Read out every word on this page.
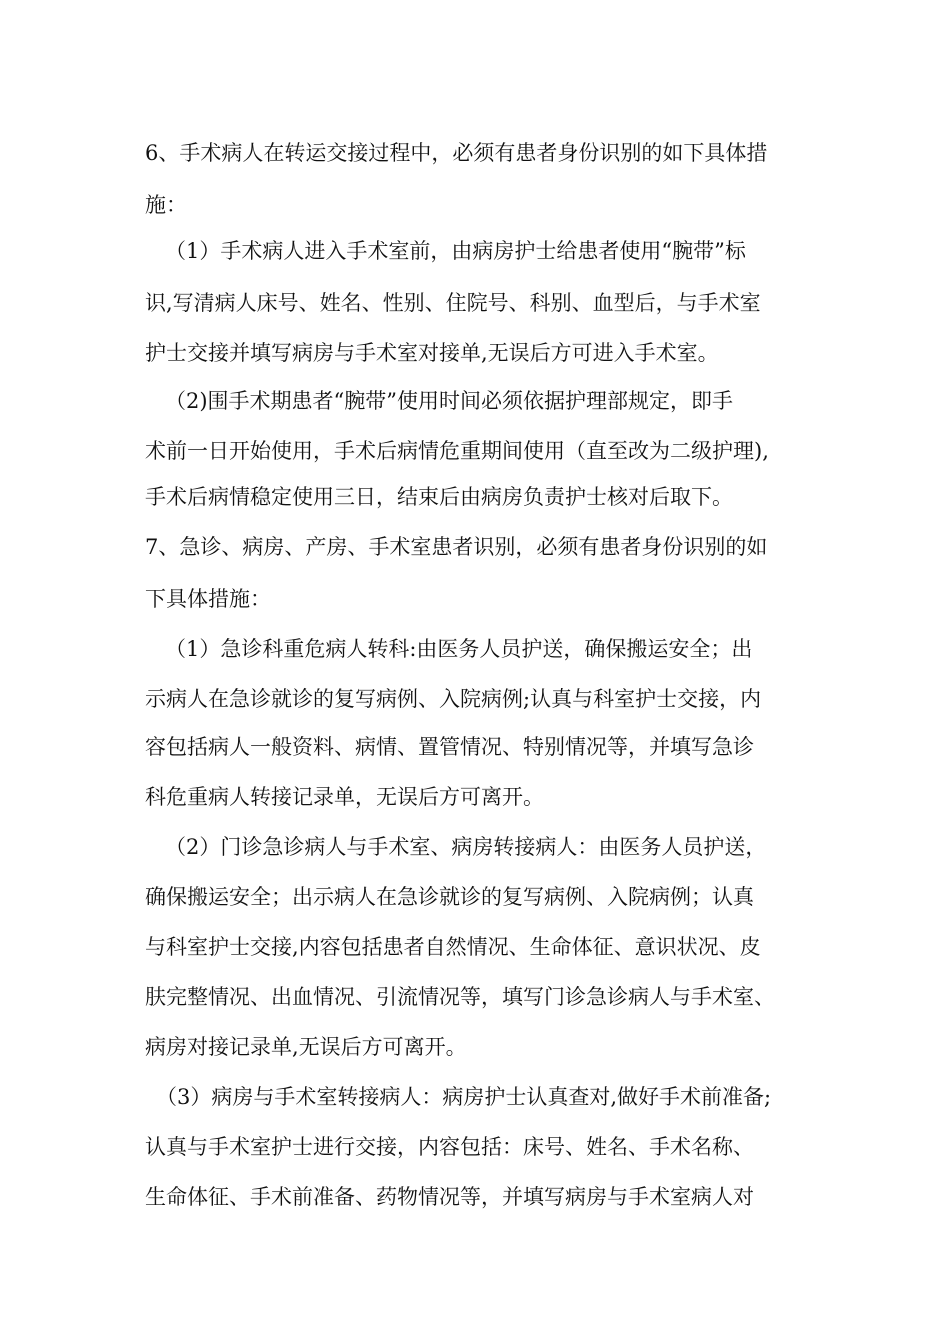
6、手术病人在转运交接过程中，必须有患者身份识别的如下具体措
施：
（1）手术病人进入手术室前，由病房护士给患者使用“腕带”标
识,写清病人床号、姓名、性别、住院号、科别、血型后，与手术室
护士交接并填写病房与手术室对接单,无误后方可进入手术室。
（2)围手术期患者“腕带”使用时间必须依据护理部规定，即手
术前一日开始使用，手术后病情危重期间使用（直至改为二级护理),
手术后病情稳定使用三日，结束后由病房负责护士核对后取下。
7、急诊、病房、产房、手术室患者识别，必须有患者身份识别的如
下具体措施：
（1）急诊科重危病人转科:由医务人员护送，确保搬运安全；出
示病人在急诊就诊的复写病例、入院病例;认真与科室护士交接，内
容包括病人一般资料、病情、置管情况、特别情况等，并填写急诊
科危重病人转接记录单，无误后方可离开。
（2）门诊急诊病人与手术室、病房转接病人：由医务人员护送，
确保搬运安全；出示病人在急诊就诊的复写病例、入院病例；认真
与科室护士交接,内容包括患者自然情况、生命体征、意识状况、皮
肤完整情况、出血情况、引流情况等，填写门诊急诊病人与手术室、
病房对接记录单,无误后方可离开。
（3）病房与手术室转接病人：病房护士认真查对,做好手术前准备;
认真与手术室护士进行交接，内容包括：床号、姓名、手术名称、
生命体征、手术前准备、药物情况等，并填写病房与手术室病人对
